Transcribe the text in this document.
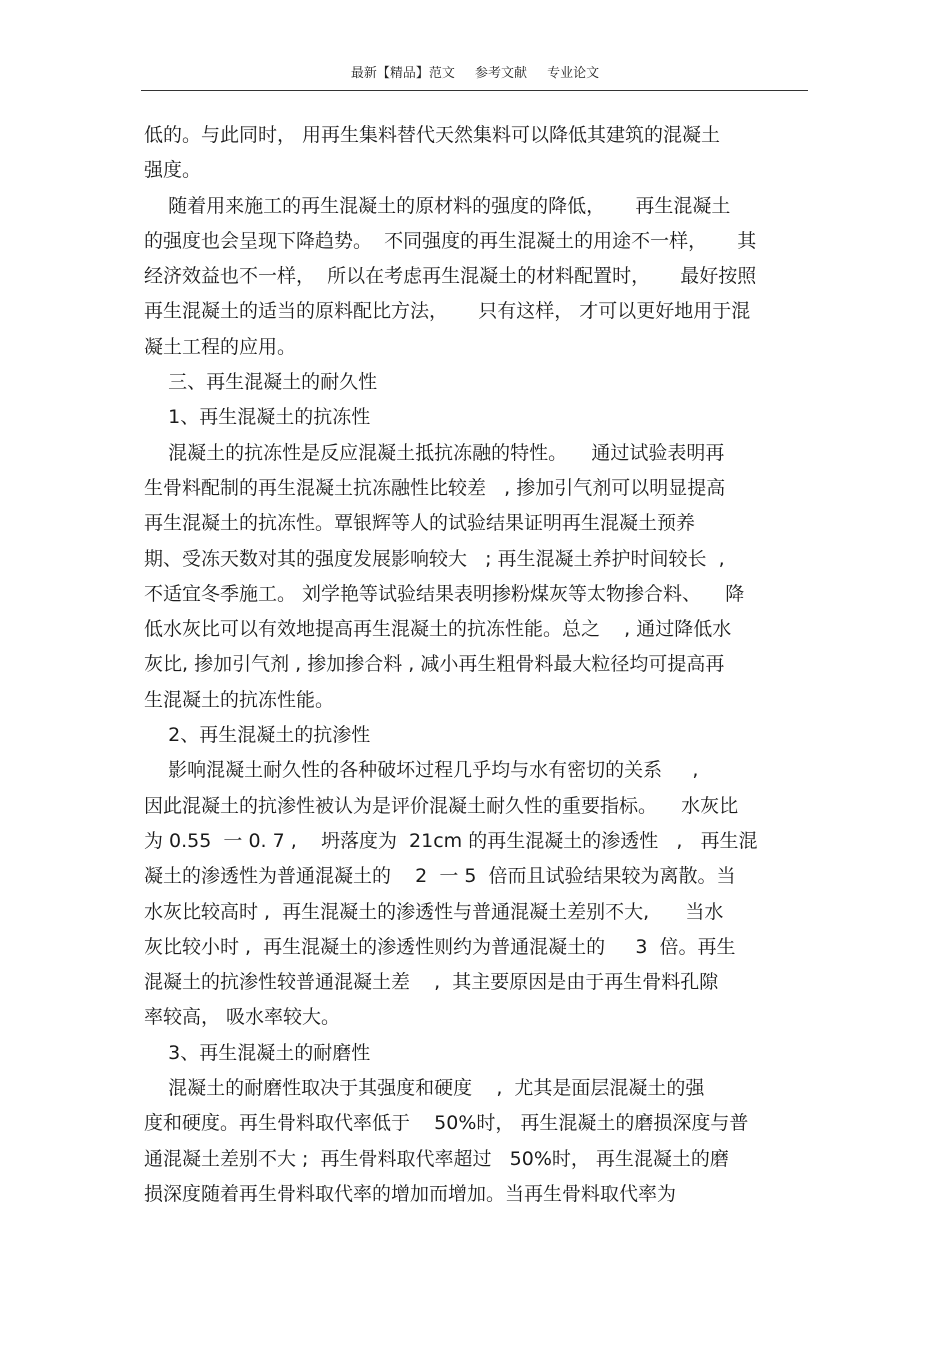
最新【精品】范文 参考文献 专业论文
低的。与此同时， 用再生集料替代天然集料可以降低其建筑的混凝土
强度。
随着用来施工的再生混凝土的原材料的强度的降低，     再生混凝土
的强度也会呈现下降趋势。  不同强度的再生混凝土的用途不一样，     其
经济效益也不一样，  所以在考虑再生混凝土的材料配置时，     最好按照
再生混凝土的适当的原料配比方法，     只有这样， 才可以更好地用于混
凝土工程的应用。
三、再生混凝土的耐久性
1、再生混凝土的抗冻性
混凝土的抗冻性是反应混凝土抵抗冻融的特性。    通过试验表明再
生骨料配制的再生混凝土抗冻融性比较差   , 掺加引气剂可以明显提高
再生混凝土的抗冻性。覃银辉等人的试验结果证明再生混凝土预养
期、受冻天数对其的强度发展影响较大   ; 再生混凝土养护时间较长  ,
不适宜冬季施工。 刘学艳等试验结果表明掺粉煤灰等太物掺合料、    降
低水灰比可以有效地提高再生混凝土的抗冻性能。总之    , 通过降低水
灰比, 掺加引气剂 , 掺加掺合料 , 减小再生粗骨料最大粒径均可提高再
生混凝土的抗冻性能。
2、再生混凝土的抗渗性
影响混凝土耐久性的各种破坏过程几乎均与水有密切的关系     ,
因此混凝土的抗渗性被认为是评价混凝土耐久性的重要指标。    水灰比
为 0.55  一 0. 7 ,    坍落度为  21cm 的再生混凝土的渗透性   ,   再生混
凝土的渗透性为普通混凝土的    2  一 5  倍而且试验结果较为离散。当
水灰比较高时 ,  再生混凝土的渗透性与普通混凝土差别不大,      当水
灰比较小时 ,  再生混凝土的渗透性则约为普通混凝土的     3  倍。再生
混凝土的抗渗性较普通混凝土差    ,  其主要原因是由于再生骨料孔隙
率较高， 吸水率较大。
3、再生混凝土的耐磨性
混凝土的耐磨性取决于其强度和硬度    ,  尤其是面层混凝土的强
度和硬度。再生骨料取代率低于    50%时， 再生混凝土的磨损深度与普
通混凝土差别不大 ;  再生骨料取代率超过   50%时， 再生混凝土的磨
损深度随着再生骨料取代率的增加而增加。当再生骨料取代率为
